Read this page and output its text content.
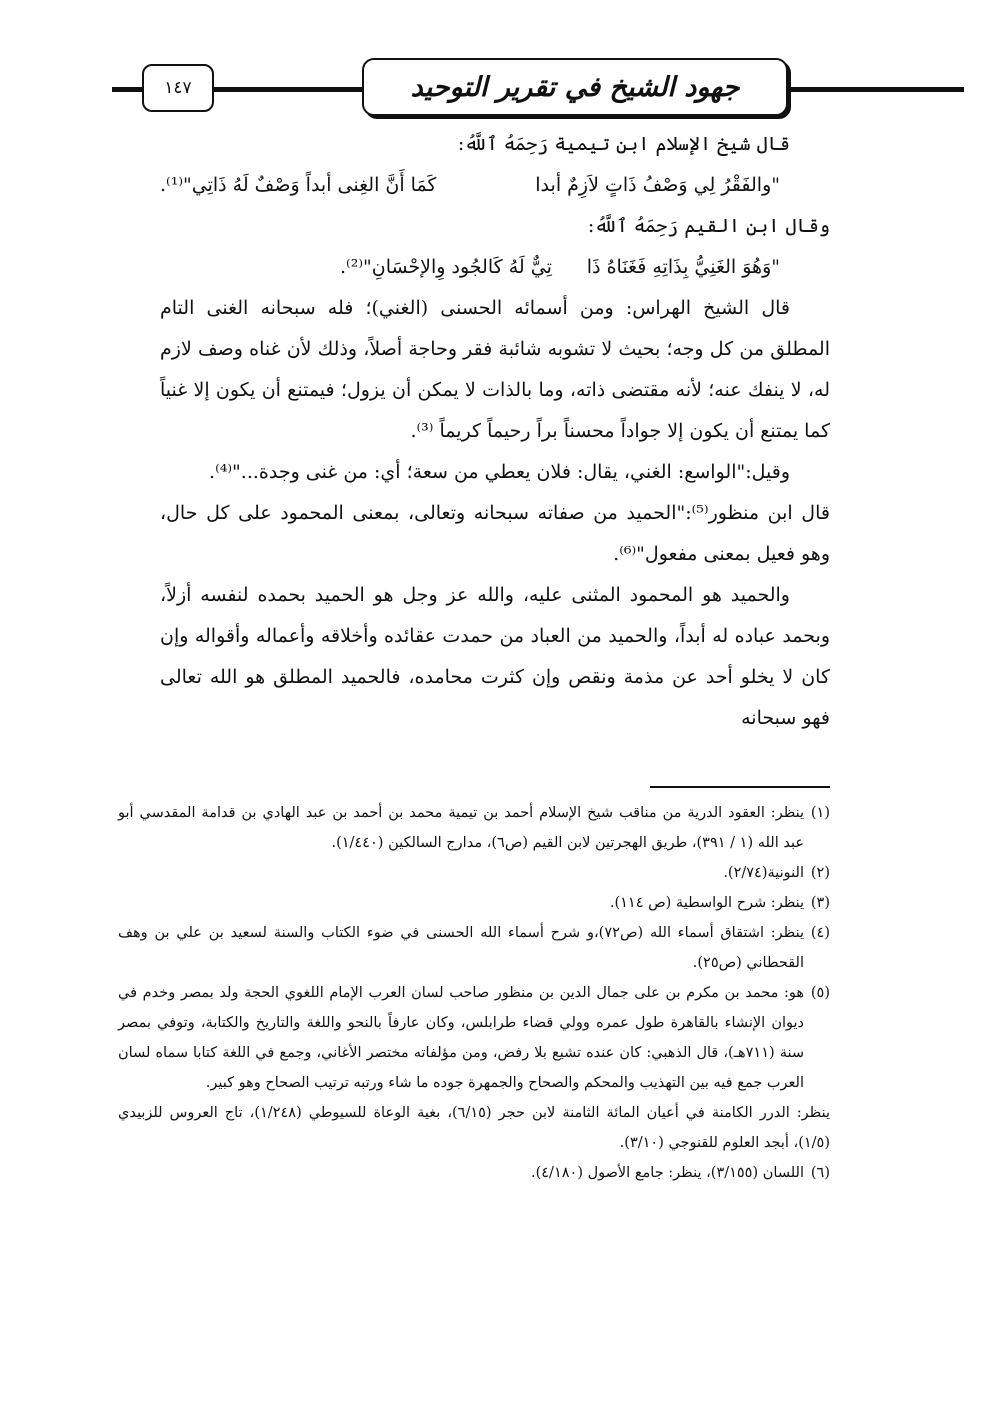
جهود الشيخ في تقرير التوحيد
١٤٧

قال شيخ الإسلام ابن تيمية رَحِمَهُ ٱللَّهُ:

"والفَقْرُ لِي وَصْفُ ذَاتٍ لاَزِمٌ أبدا
كَمَا أَنَّ الغِنى أبداً وَصْفٌ لَهُ ذَاتِي"⁽¹⁾.

وقال ابن القيم رَحِمَهُ ٱللَّهُ:

"وَهُوَ الغَنِيُّ بِذَاتِهِ فَغَنَاهُ ذَا
تِيٌّ لَهُ كَالجُود وِالإحْسَانِ"⁽²⁾.

قال الشيخ الهراس: ومن أسمائه الحسنى (الغني)؛ فله سبحانه الغنى التام المطلق من كل وجه؛ بحيث لا تشوبه شائبة فقر وحاجة أصلاً، وذلك لأن غناه وصف لازم له، لا ينفك عنه؛ لأنه مقتضى ذاته، وما بالذات لا يمكن أن يزول؛ فيمتنع أن يكون إلا غنياً كما يمتنع أن يكون إلا جواداً محسناً براً رحيماً كريماً ⁽³⁾.

وقيل:"الواسع: الغني، يقال: فلان يعطي من سعة؛ أي: من غنى وجدة..."⁽⁴⁾.

قال ابن منظور⁽⁵⁾:"الحميد من صفاته سبحانه وتعالى، بمعنى المحمود على كل حال، وهو فعيل بمعنى مفعول"⁽⁶⁾.

والحميد هو المحمود المثنى عليه، والله عز وجل هو الحميد بحمده لنفسه أزلاً، وبحمد عباده له أبداً، والحميد من العباد من حمدت عقائده وأخلاقه وأعماله وأقواله وإن كان لا يخلو أحد عن مذمة ونقص وإن كثرت محامده، فالحميد المطلق هو الله تعالى فهو سبحانه

(١)
ينظر: العقود الدرية من مناقب شيخ الإسلام أحمد بن تيمية محمد بن أحمد بن عبد الهادي بن قدامة المقدسي أبو عبد الله (١ / ٣٩١)، طريق الهجرتين لابن القيم (ص٦)، مدارج السالكين (١/٤٤٠).
(٢)
النونية(٢/٧٤).
(٣)
ينظر: شرح الواسطية (ص ١١٤).
(٤)
ينظر: اشتقاق أسماء الله (ص٧٢)،و شرح أسماء الله الحسنى في ضوء الكتاب والسنة لسعيد بن علي بن وهف القحطاني (ص٢٥).
(٥)
هو: محمد بن مكرم بن على جمال الدين بن منظور صاحب لسان العرب الإمام اللغوي الحجة ولد بمصر وخدم في ديوان الإنشاء بالقاهرة طول عمره وولي قضاء طرابلس، وكان عارفاً بالنحو واللغة والتاريخ والكتابة، وتوفي بمصر سنة (٧١١هـ)، قال الذهبي: كان عنده تشيع بلا رفض، ومن مؤلفاته مختصر الأغاني، وجمع في اللغة كتابا سماه لسان العرب جمع فيه بين التهذيب والمحكم والصحاح والجمهرة جوده ما شاء ورتبه ترتيب الصحاح وهو كبير.
ينظر: الدرر الكامنة في أعيان المائة الثامنة لابن حجر (٦/١٥)، بغية الوعاة للسيوطي (١/٢٤٨)، تاج العروس للزبيدي (١/٥)، أبجد العلوم للقنوجي (٣/١٠).
(٦)
اللسان (٣/١٥٥)، ينظر: جامع الأصول (٤/١٨٠).
